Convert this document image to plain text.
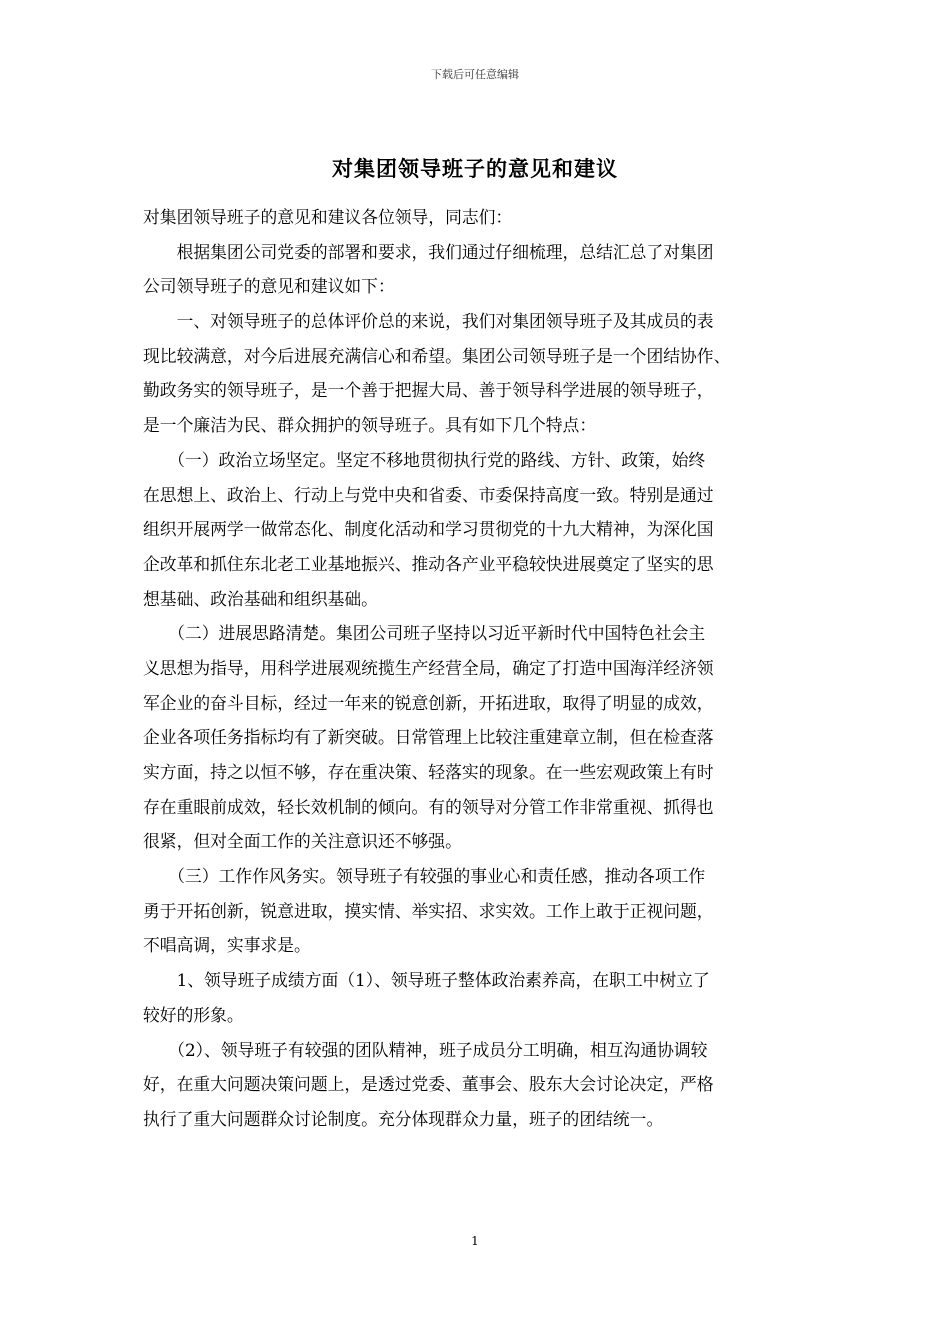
下载后可任意编辑
对集团领导班子的意见和建议
对集团领导班子的意见和建议各位领导，同志们：
　　根据集团公司党委的部署和要求，我们通过仔细梳理，总结汇总了对集团
公司领导班子的意见和建议如下：
　　一、对领导班子的总体评价总的来说，我们对集团领导班子及其成员的表
现比较满意，对今后进展充满信心和希望。集团公司领导班子是一个团结协作、
勤政务实的领导班子，是一个善于把握大局、善于领导科学进展的领导班子，
是一个廉洁为民、群众拥护的领导班子。具有如下几个特点：
　　（一）政治立场坚定。坚定不移地贯彻执行党的路线、方针、政策，始终
在思想上、政治上、行动上与党中央和省委、市委保持高度一致。特别是通过
组织开展两学一做常态化、制度化活动和学习贯彻党的十九大精神，为深化国
企改革和抓住东北老工业基地振兴、推动各产业平稳较快进展奠定了坚实的思
想基础、政治基础和组织基础。
　　（二）进展思路清楚。集团公司班子坚持以习近平新时代中国特色社会主
义思想为指导，用科学进展观统揽生产经营全局，确定了打造中国海洋经济领
军企业的奋斗目标，经过一年来的锐意创新，开拓进取，取得了明显的成效，
企业各项任务指标均有了新突破。日常管理上比较注重建章立制，但在检查落
实方面，持之以恒不够，存在重决策、轻落实的现象。在一些宏观政策上有时
存在重眼前成效，轻长效机制的倾向。有的领导对分管工作非常重视、抓得也
很紧，但对全面工作的关注意识还不够强。
　　（三）工作作风务实。领导班子有较强的事业心和责任感，推动各项工作
勇于开拓创新，锐意进取，摸实情、举实招、求实效。工作上敢于正视问题，
不唱高调，实事求是。
　　1、领导班子成绩方面（1）、领导班子整体政治素养高，在职工中树立了
较好的形象。
　　（2）、领导班子有较强的团队精神，班子成员分工明确，相互沟通协调较
好，在重大问题决策问题上，是透过党委、董事会、股东大会讨论决定，严格
执行了重大问题群众讨论制度。充分体现群众力量，班子的团结统一。
1
